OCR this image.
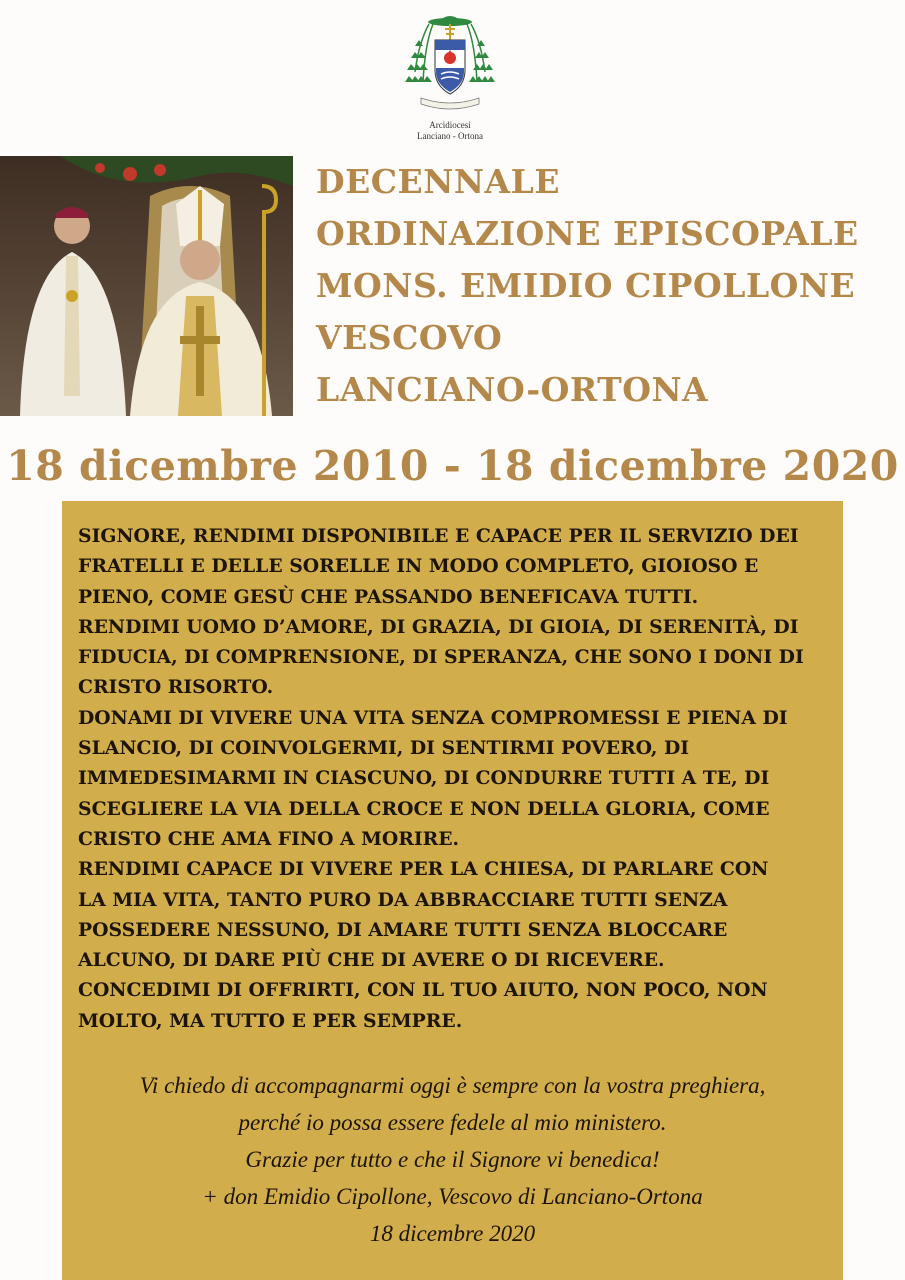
Arcidiocesi
Lanciano - Ortona
DECENNALE
ORDINAZIONE EPISCOPALE
MONS. EMIDIO CIPOLLONE
VESCOVO
LANCIANO-ORTONA
18 dicembre 2010 - 18 dicembre 2020
SIGNORE, RENDIMI DISPONIBILE E CAPACE PER IL SERVIZIO DEI
FRATELLI E DELLE SORELLE IN MODO COMPLETO, GIOIOSO E
PIENO, COME GESÙ CHE PASSANDO BENEFICAVA TUTTI.
RENDIMI UOMO D’AMORE, DI GRAZIA, DI GIOIA, DI SERENITÀ, DI
FIDUCIA, DI COMPRENSIONE, DI SPERANZA, CHE SONO I DONI DI
CRISTO RISORTO.
DONAMI DI VIVERE UNA VITA SENZA COMPROMESSI E PIENA DI
SLANCIO, DI COINVOLGERMI, DI SENTIRMI POVERO, DI
IMMEDESIMARMI IN CIASCUNO, DI CONDURRE TUTTI A TE, DI
SCEGLIERE LA VIA DELLA CROCE E NON DELLA GLORIA, COME
CRISTO CHE AMA FINO A MORIRE.
RENDIMI CAPACE DI VIVERE PER LA CHIESA, DI PARLARE CON
LA MIA VITA, TANTO PURO DA ABBRACCIARE TUTTI SENZA
POSSEDERE NESSUNO, DI AMARE TUTTI SENZA BLOCCARE
ALCUNO, DI DARE PIÙ CHE DI AVERE O DI RICEVERE.
CONCEDIMI DI OFFRIRTI, CON IL TUO AIUTO, NON POCO, NON
MOLTO, MA TUTTO E PER SEMPRE.
Vi chiedo di accompagnarmi oggi è sempre con la vostra preghiera,
perché io possa essere fedele al mio ministero.
Grazie per tutto e che il Signore vi benedica!
+ don Emidio Cipollone, Vescovo di Lanciano-Ortona
18 dicembre 2020
